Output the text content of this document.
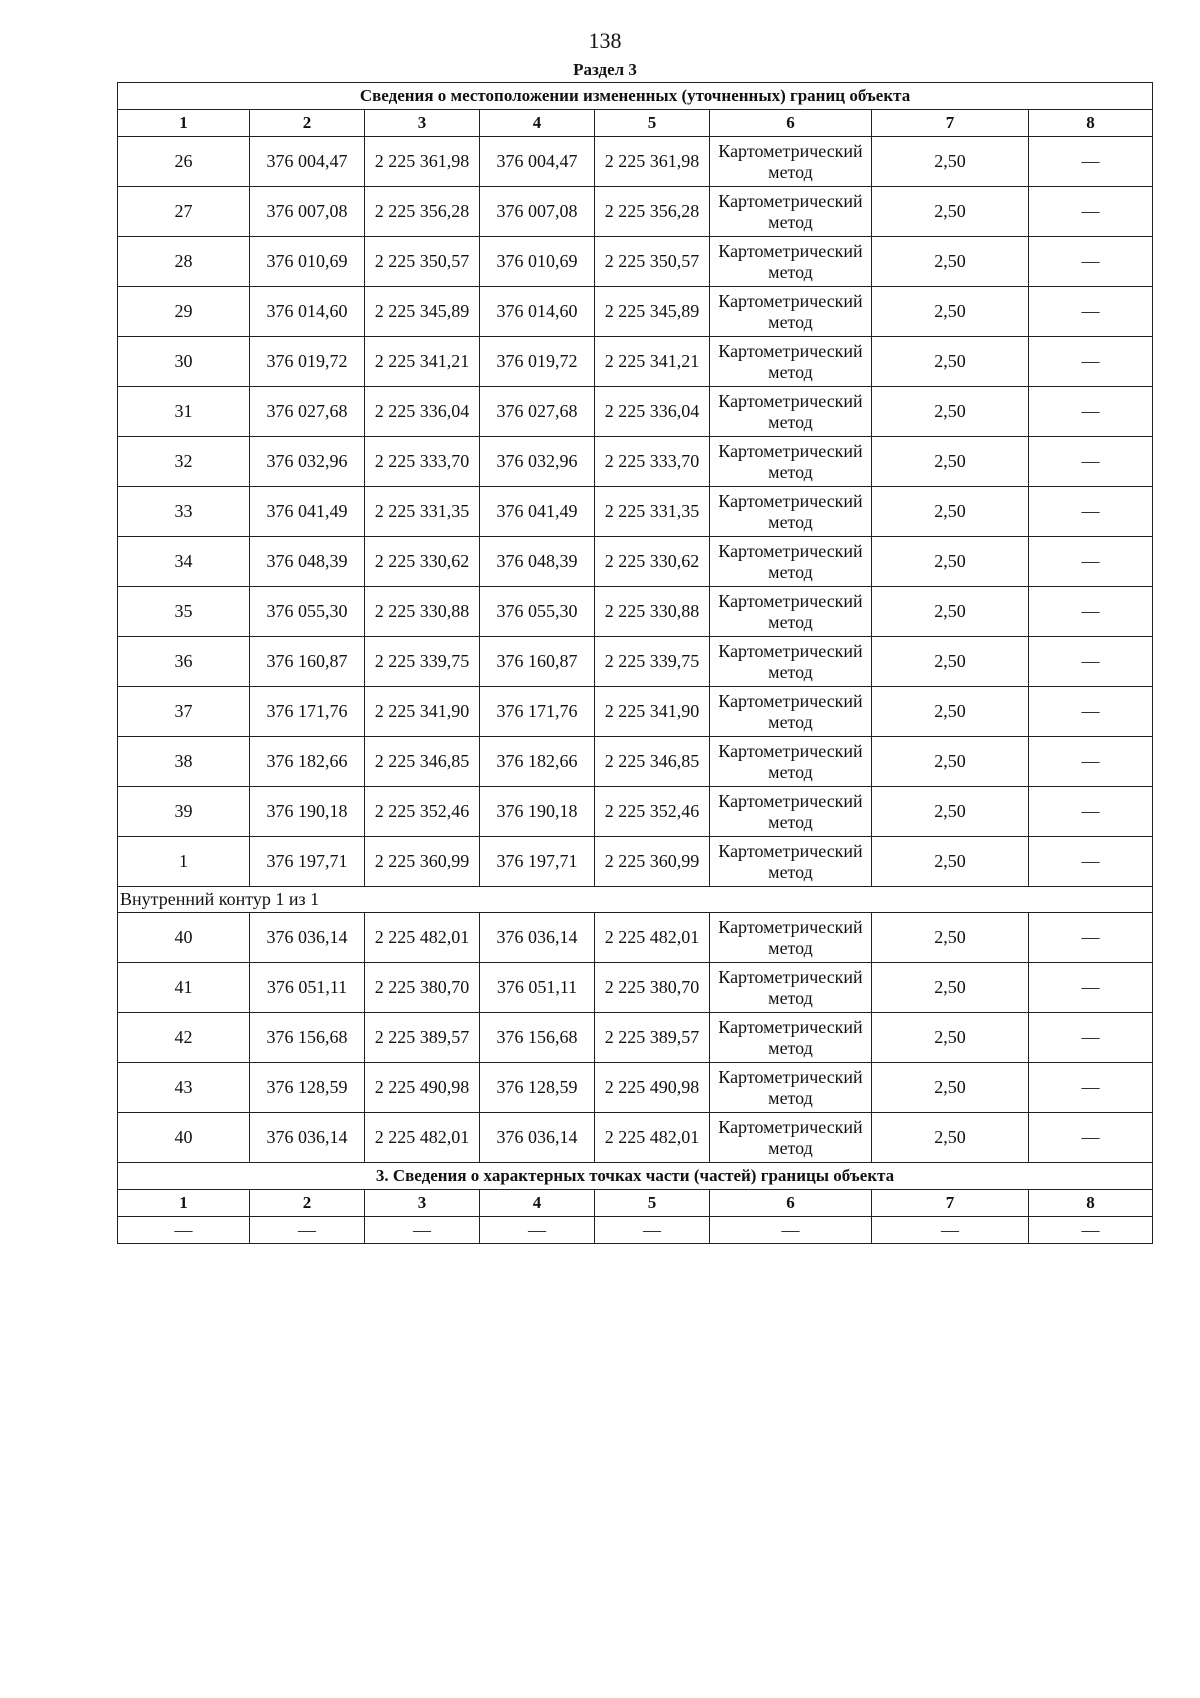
138
Раздел 3
Сведения о местоположении измененных (уточненных) границ объекта							
1	2	3	4	5	6	7	8
26	376 004,47	2 225 361,98	376 004,47	2 225 361,98	Картометрический метод	2,50	—
27	376 007,08	2 225 356,28	376 007,08	2 225 356,28	Картометрический метод	2,50	—
28	376 010,69	2 225 350,57	376 010,69	2 225 350,57	Картометрический метод	2,50	—
29	376 014,60	2 225 345,89	376 014,60	2 225 345,89	Картометрический метод	2,50	—
30	376 019,72	2 225 341,21	376 019,72	2 225 341,21	Картометрический метод	2,50	—
31	376 027,68	2 225 336,04	376 027,68	2 225 336,04	Картометрический метод	2,50	—
32	376 032,96	2 225 333,70	376 032,96	2 225 333,70	Картометрический метод	2,50	—
33	376 041,49	2 225 331,35	376 041,49	2 225 331,35	Картометрический метод	2,50	—
34	376 048,39	2 225 330,62	376 048,39	2 225 330,62	Картометрический метод	2,50	—
35	376 055,30	2 225 330,88	376 055,30	2 225 330,88	Картометрический метод	2,50	—
36	376 160,87	2 225 339,75	376 160,87	2 225 339,75	Картометрический метод	2,50	—
37	376 171,76	2 225 341,90	376 171,76	2 225 341,90	Картометрический метод	2,50	—
38	376 182,66	2 225 346,85	376 182,66	2 225 346,85	Картометрический метод	2,50	—
39	376 190,18	2 225 352,46	376 190,18	2 225 352,46	Картометрический метод	2,50	—
1	376 197,71	2 225 360,99	376 197,71	2 225 360,99	Картометрический метод	2,50	—
Внутренний контур 1 из 1							
40	376 036,14	2 225 482,01	376 036,14	2 225 482,01	Картометрический метод	2,50	—
41	376 051,11	2 225 380,70	376 051,11	2 225 380,70	Картометрический метод	2,50	—
42	376 156,68	2 225 389,57	376 156,68	2 225 389,57	Картометрический метод	2,50	—
43	376 128,59	2 225 490,98	376 128,59	2 225 490,98	Картометрический метод	2,50	—
40	376 036,14	2 225 482,01	376 036,14	2 225 482,01	Картометрический метод	2,50	—
3. Сведения о характерных точках части (частей) границы объекта							
1	2	3	4	5	6	7	8
—	—	—	—	—	—	—	—
